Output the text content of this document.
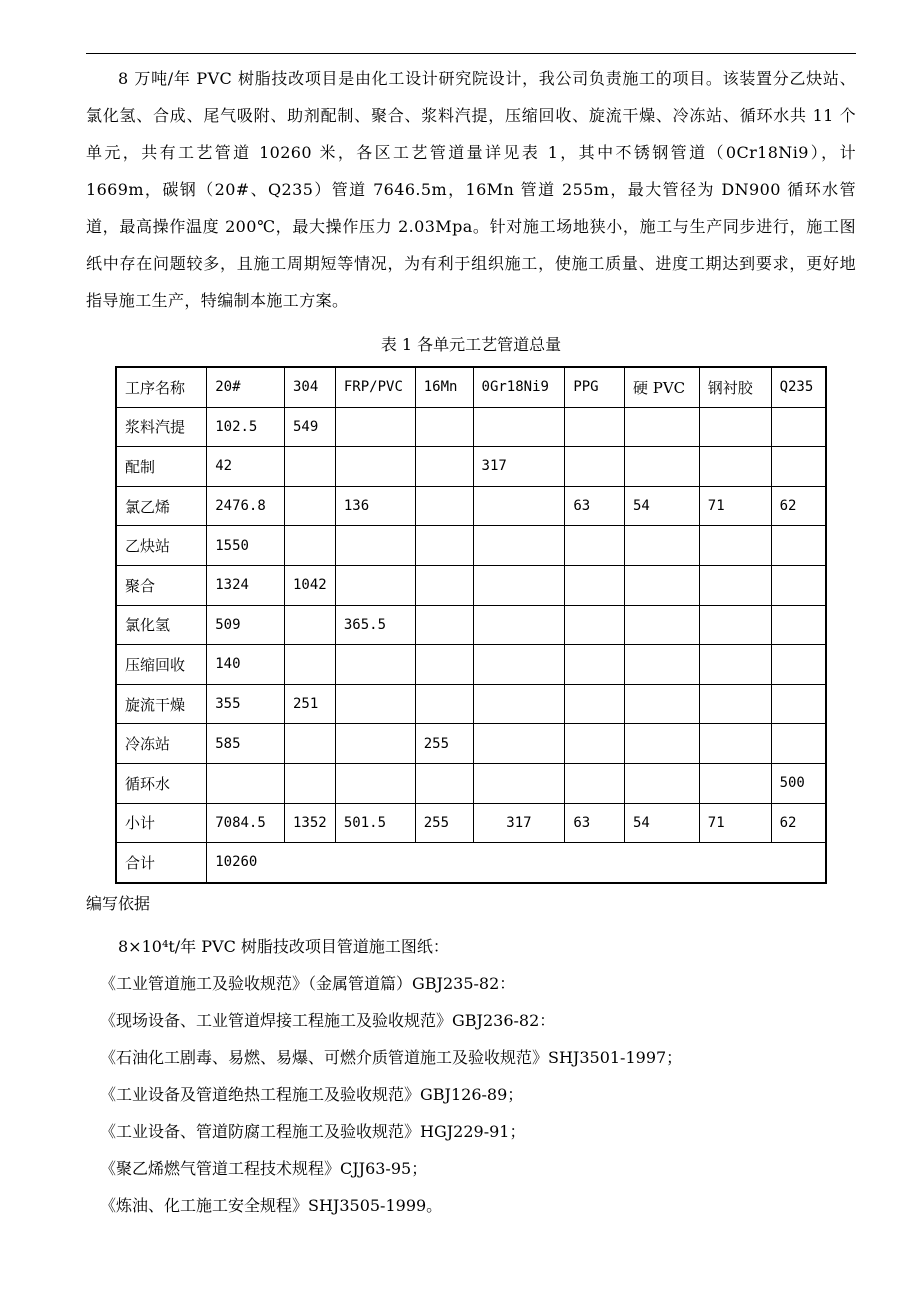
8 万吨/年 PVC 树脂技改项目是由化工设计研究院设计，我公司负责施工的项目。该装置分乙炔站、氯化氢、合成、尾气吸附、助剂配制、聚合、浆料汽提，压缩回收、旋流干燥、冷冻站、循环水共 11 个单元，共有工艺管道 10260 米，各区工艺管道量详见表 1，其中不锈钢管道（0Cr18Ni9），计 1669m，碳钢（20#、Q235）管道 7646.5m，16Mn 管道 255m，最大管径为 DN900 循环水管道，最高操作温度 200℃，最大操作压力 2.03Mpa。针对施工场地狭小，施工与生产同步进行，施工图纸中存在问题较多，且施工周期短等情况，为有利于组织施工，使施工质量、进度工期达到要求，更好地指导施工生产，特编制本施工方案。

表 1 各单元工艺管道总量
工序名称	20#	304	FRP/PVC	16Mn	0Gr18Ni9	PPG	硬 PVC	钢衬胶	Q235
浆料汽提	102.5	549							
配制	42				317				
氯乙烯	2476.8		136			63	54	71	62
乙炔站	1550								
聚合	1324	1042							
氯化氢	509		365.5						
压缩回收	140								
旋流干燥	355	251							
冷冻站	585			255					
循环水									500
小计	7084.5	1352	501.5	255	317	63	54	71	62
合计	10260								
编写依据
8×10⁴t/年 PVC 树脂技改项目管道施工图纸：
《工业管道施工及验收规范》（金属管道篇）GBJ235-82：
《现场设备、工业管道焊接工程施工及验收规范》GBJ236-82：
《石油化工剧毒、易燃、易爆、可燃介质管道施工及验收规范》SHJ3501-1997；
《工业设备及管道绝热工程施工及验收规范》GBJ126-89；
《工业设备、管道防腐工程施工及验收规范》HGJ229-91；
《聚乙烯燃气管道工程技术规程》CJJ63-95；
《炼油、化工施工安全规程》SHJ3505-1999。
